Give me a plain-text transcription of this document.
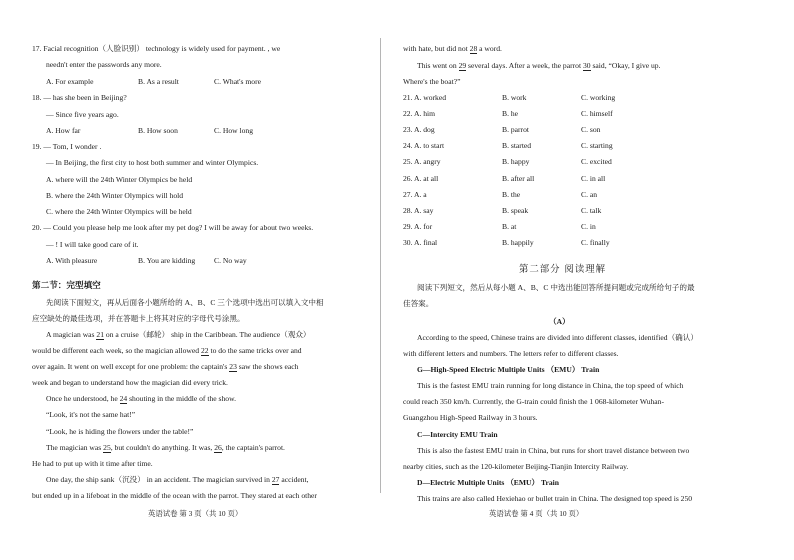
17. Facial recognition（人脸识别） technology is widely used for payment. , we
needn't enter the passwords any more.
A. For example	B. As a result	C. What's more
18. — has she been in Beijing?
— Since five years ago.
A. How far	B. How soon	C. How long
19. — Tom, I wonder .
— In Beijing, the first city to host both summer and winter Olympics.
A. where will the 24th Winter Olympics be held
B. where the 24th Winter Olympics will hold
C. where the 24th Winter Olympics will be held
20. — Could you please help me look after my pet dog? I will be away for about two weeks.
— ! I will take good care of it.
A. With pleasure	B. You are kidding C. No way
第二节：完型填空
先阅读下面短文，再从后面各小题所给的 A、B、C 三个选项中选出可以填入文中相
应空缺处的最佳选项，并在答题卡上将其对应的字母代号涂黑。
A magician was 21 on a cruise（邮轮） ship in the Caribbean. The audience（观众）
would be different each week, so the magician allowed 22 to do the same tricks over and
over again. It went on well except for one problem: the captain's 23 saw the shows each
week and began to understand how the magician did every trick.
Once he understood, he 24 shouting in the middle of the show.
“Look, it's not the same hat!”
“Look, he is hiding the flowers under the table!”
The magician was 25, but couldn't do anything. It was, 26, the captain's parrot.
He had to put up with it time after time.
One day, the ship sank（沉没） in an accident. The magician survived in 27 accident,
but ended up in a lifeboat in the middle of the ocean with the parrot. They stared at each other
英语试卷 第 3 页（共 10 页）
with hate, but did not 28 a word.
This went on 29 several days. After a week, the parrot 30 said, “Okay, I give up.
Where's the boat?”
21. A. worked	B. work	C. working
22. A. him	B. he	C. himself
23. A. dog	B. parrot	C. son
24. A. to start	B. started	C. starting
25. A. angry	B. happy	C. excited
26. A. at all	B. after all	C. in all
27. A. a	B. the	C. an
28. A. say	B. speak	C. talk
29. A. for	B. at	C. in
30. A. final	B. happily	C. finally
第二部分 阅读理解
阅读下列短文，然后从每小题 A、B、C 中选出能回答所提问题或完成所给句子的最
佳答案。
（A）
According to the speed, Chinese trains are divided into different classes, identified（确认）
with different letters and numbers. The letters refer to different classes.
G—High-Speed Electric Multiple Units （EMU） Train
This is the fastest EMU train running for long distance in China, the top speed of which
could reach 350 km/h. Currently, the G-train could finish the 1 068-kilometer Wuhan-
Guangzhou High-Speed Railway in 3 hours.
C—Intercity EMU Train
This is also the fastest EMU train in China, but runs for short travel distance between two
nearby cities, such as the 120-kilometer Beijing-Tianjin Intercity Railway.
D—Electric Multiple Units （EMU） Train
This trains are also called Hexiehao or bullet train in China. The designed top speed is 250
英语试卷 第 4 页（共 10 页）
